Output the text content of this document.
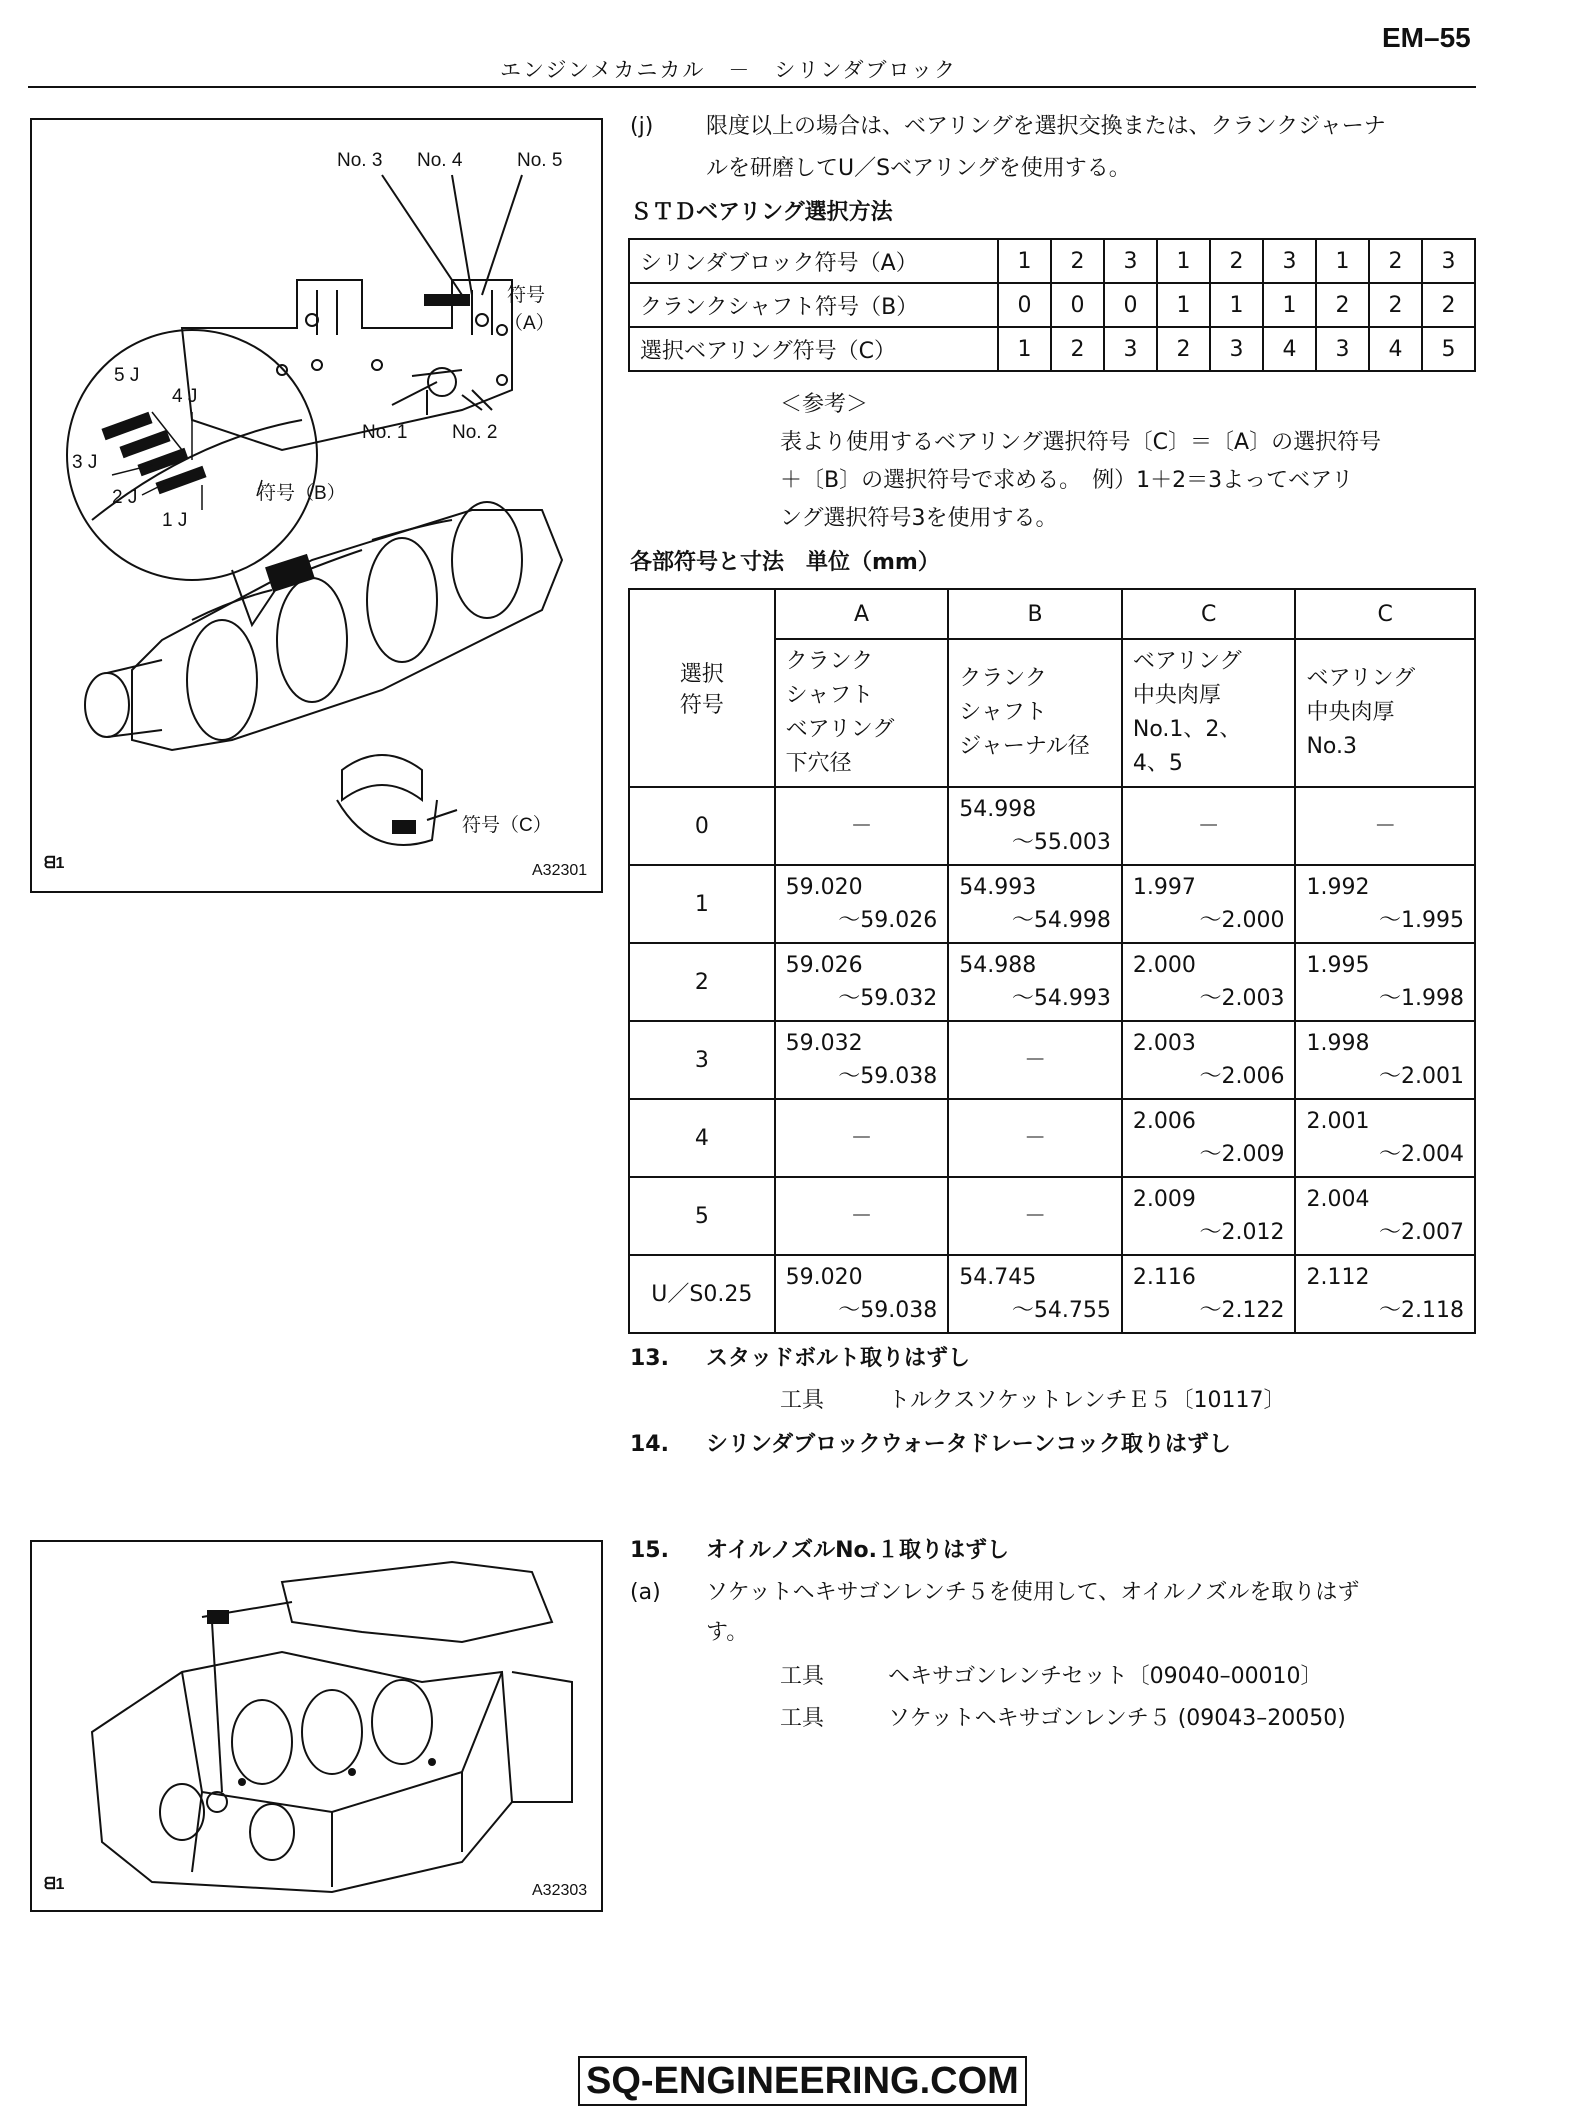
EM–55
エンジンメカニカル　－　シリンダブロック
No. 3 No. 4	No. 5
符号
（A）
No. 1 No. 2
5 J
4 J
3 J
2 J
1 J
符号（B）
符号（C）
ᗺ1	A32301
ᗺ1	A32303
(j) 限度以上の場合は、ベアリングを選択交換または、クランクジャーナ
ルを研磨してU／Sベアリングを使用する。
ＳＴＤベアリング選択方法
シリンダブロック符号（A）	1	2	3	1	2	3	1	2	3
クランクシャフト符号（B）	0	0	0	1	1	1	2	2	2
選択ベアリング符号（C）	1	2	3	2	3	4	3	4	5
＜参考＞
表より使用するベアリング選択符号〔C〕＝〔A〕の選択符号
＋〔B〕の選択符号で求める。　例）1＋2＝3よってベアリ
ング選択符号3を使用する。
各部符号と寸法　単位（mm）
選択
符号	A	B	C	C

	クランク
シャフト
ベアリング
下穴径	クランク
シャフト
ジャーナル径	ベアリング
中央肉厚
No.1、2、
4、5	ベアリング
中央肉厚
No.3

0	－	54.998
～55.003	－	－
1	59.020
～59.026	54.993
～54.998	1.997
～2.000	1.992
～1.995

2	59.026
～59.032	54.988
～54.993	2.000
～2.003	1.995
～1.998

3	59.032
～59.038	－	2.003
～2.006	1.998
～2.001

4	－	－	2.006
～2.009	2.001
～2.004

5	－	－	2.009
～2.012	2.004
～2.007

U／S0.25	59.020
～59.038	54.745
～54.755	2.116
～2.122	2.112
～2.118
13. スタッドボルト取りはずし
工具	トルクスソケットレンチＥ５〔10117〕
14. シリンダブロックウォータドレーンコック取りはずし
15. オイルノズルNo.１取りはずし
(a) ソケットヘキサゴンレンチ５を使用して、オイルノズルを取りはず
す。
工具	ヘキサゴンレンチセット〔09040–00010〕
工具	ソケットヘキサゴンレンチ５ (09043–20050)
SQ-ENGINEERING.COM
